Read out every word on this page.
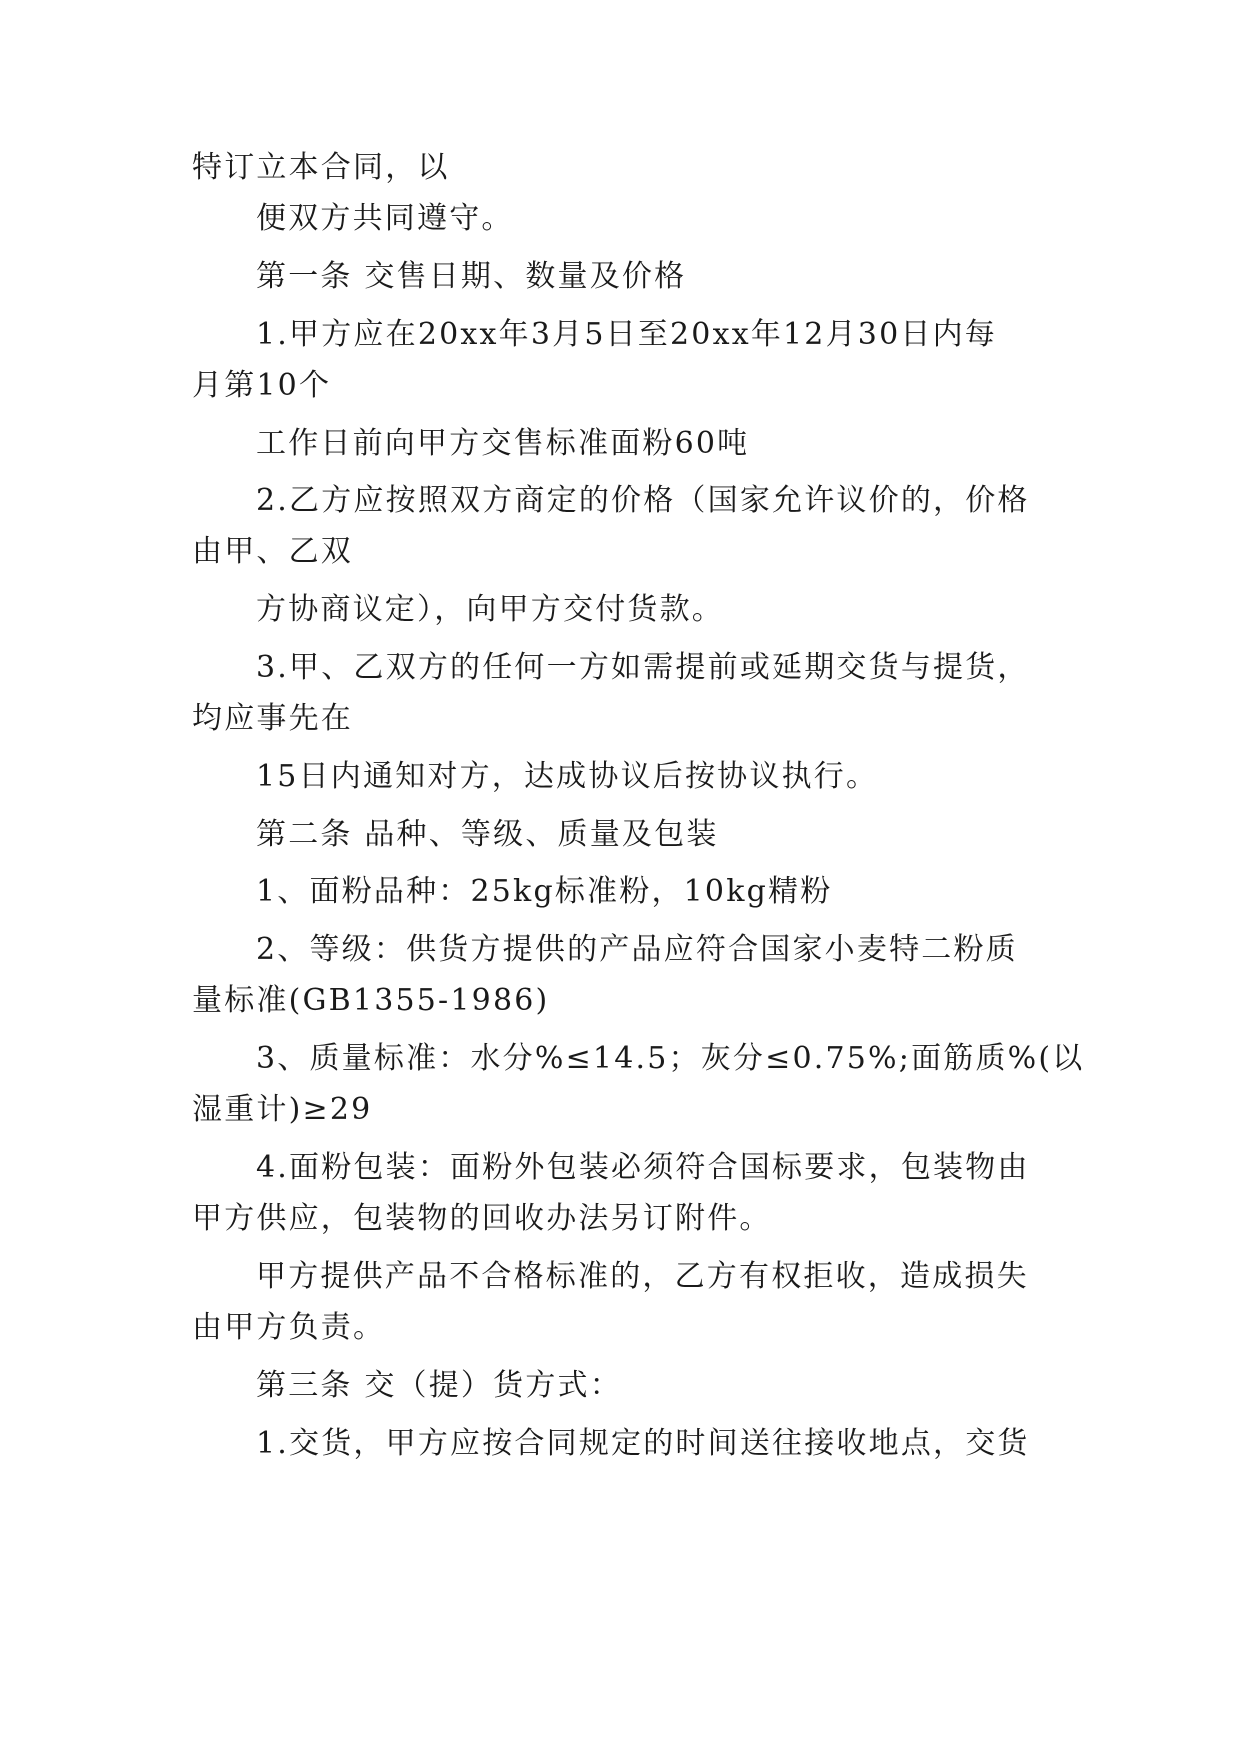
特订立本合同，以

便双方共同遵守。

第一条 交售日期、数量及价格

1.甲方应在20xx年3月5日至20xx年12月30日内每

月第10个

工作日前向甲方交售标准面粉60吨

2.乙方应按照双方商定的价格（国家允许议价的，价格

由甲、乙双

方协商议定），向甲方交付货款。

3.甲、乙双方的任何一方如需提前或延期交货与提货，

均应事先在

15日内通知对方，达成协议后按协议执行。

第二条 品种、等级、质量及包装

1、面粉品种：25kg标准粉，10kg精粉

2、等级：供货方提供的产品应符合国家小麦特二粉质

量标准(GB1355-1986)

3、质量标准：水分%≤14.5；灰分≤0.75%;面筋质%(以

湿重计)≥29

4.面粉包装：面粉外包装必须符合国标要求，包装物由

甲方供应，包装物的回收办法另订附件。

甲方提供产品不合格标准的，乙方有权拒收，造成损失

由甲方负责。

第三条 交（提）货方式：

1.交货，甲方应按合同规定的时间送往接收地点，交货
